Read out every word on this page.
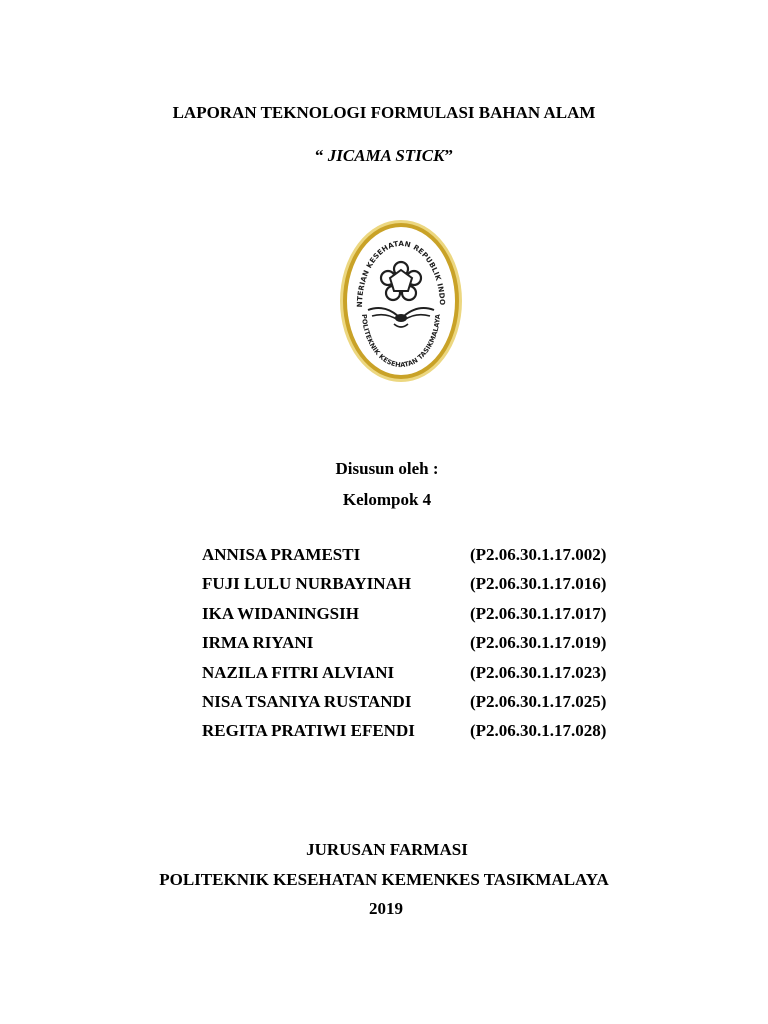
LAPORAN TEKNOLOGI FORMULASI BAHAN ALAM
“ JICAMA STICK”
NTERIAN KESEHATAN REPUBLIK INDO
POLITEKNIK KESEHATAN TASIKMALAYA
Disusun oleh :
Kelompok 4
ANNISA PRAMESTI	(P2.06.30.1.17.002)
FUJI LULU NURBAYINAH	(P2.06.30.1.17.016)
IKA WIDANINGSIH	(P2.06.30.1.17.017)
IRMA RIYANI	(P2.06.30.1.17.019)
NAZILA FITRI ALVIANI	(P2.06.30.1.17.023)
NISA TSANIYA RUSTANDI	(P2.06.30.1.17.025)
REGITA PRATIWI EFENDI	(P2.06.30.1.17.028)
JURUSAN FARMASI
POLITEKNIK KESEHATAN KEMENKES TASIKMALAYA
2019
